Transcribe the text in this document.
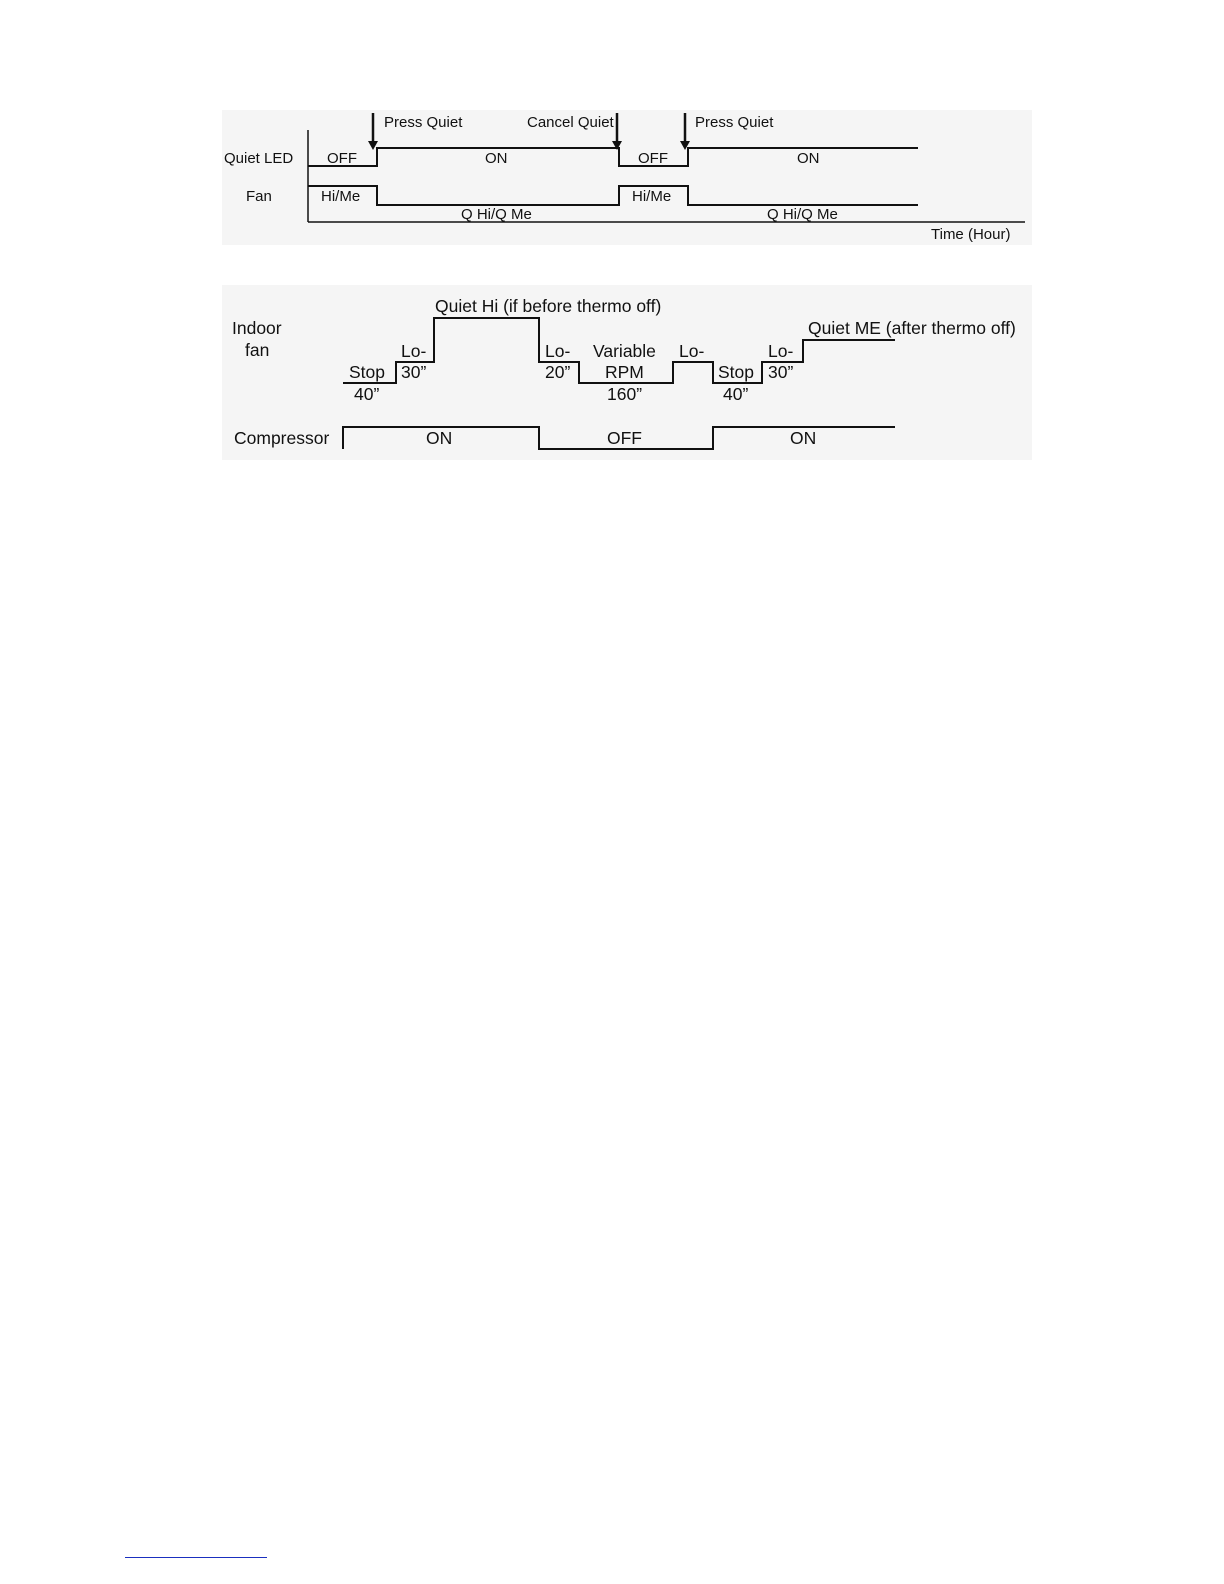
Quiet LED
Fan
OFF	ON	OFF	ON
Hi/Me
Q Hi/Q Me
Hi/Me
Q Hi/Q Me
Press Quiet	Cancel Quiet	Press Quiet
Time (Hour)
Indoor
fan
Compressor
Stop
40”
Lo-
30”
Quiet Hi (if before thermo off)
Lo-
20”
Variable
RPM
160”
Lo-
Stop
40”
Lo-
30”
Quiet ME (after thermo off)
ON	OFF	ON
